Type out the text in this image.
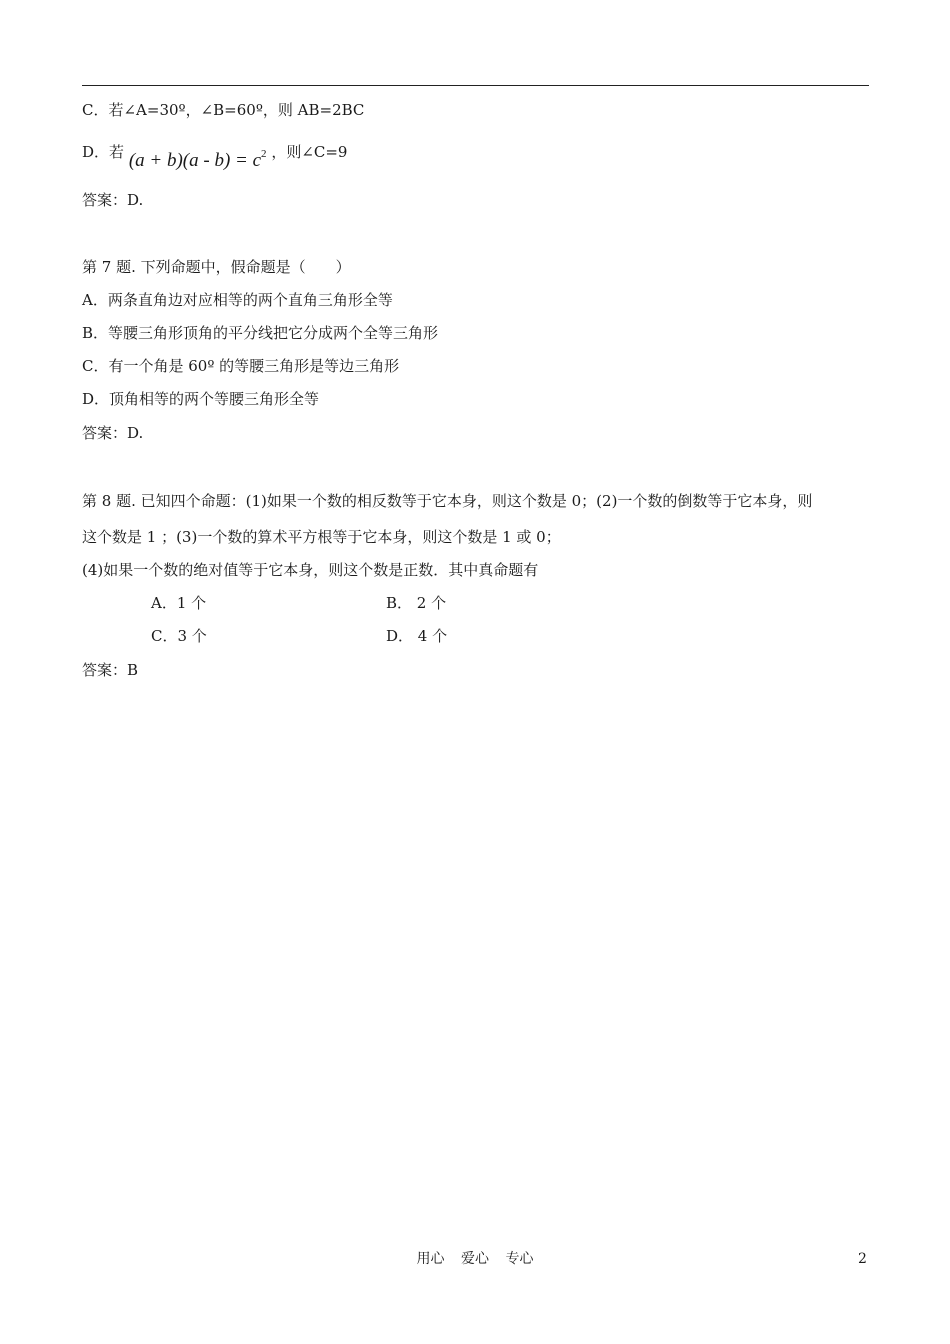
C．若∠A=30º，∠B=60º，则 AB=2BC
D．若 $(a + b)(a - b) = c^2$ ，则∠C=9
答案：D.
第 7 题. 下列命题中，假命题是（　　）
A．两条直角边对应相等的两个直角三角形全等
B．等腰三角形顶角的平分线把它分成两个全等三角形
C．有一个角是 60º 的等腰三角形是等边三角形
D．顶角相等的两个等腰三角形全等
答案：D.
第 8 题. 已知四个命题：(1)如果一个数的相反数等于它本身，则这个数是 0；(2)一个数的倒数等于它本身，则
这个数是 1 ；(3)一个数的算术平方根等于它本身，则这个数是 1 或 0；
(4)如果一个数的绝对值等于它本身，则这个数是正数．其中真命题有
A．1 个	B． 2 个
C．3 个	D． 4 个
答案：B
用心 爱心 专心	2
